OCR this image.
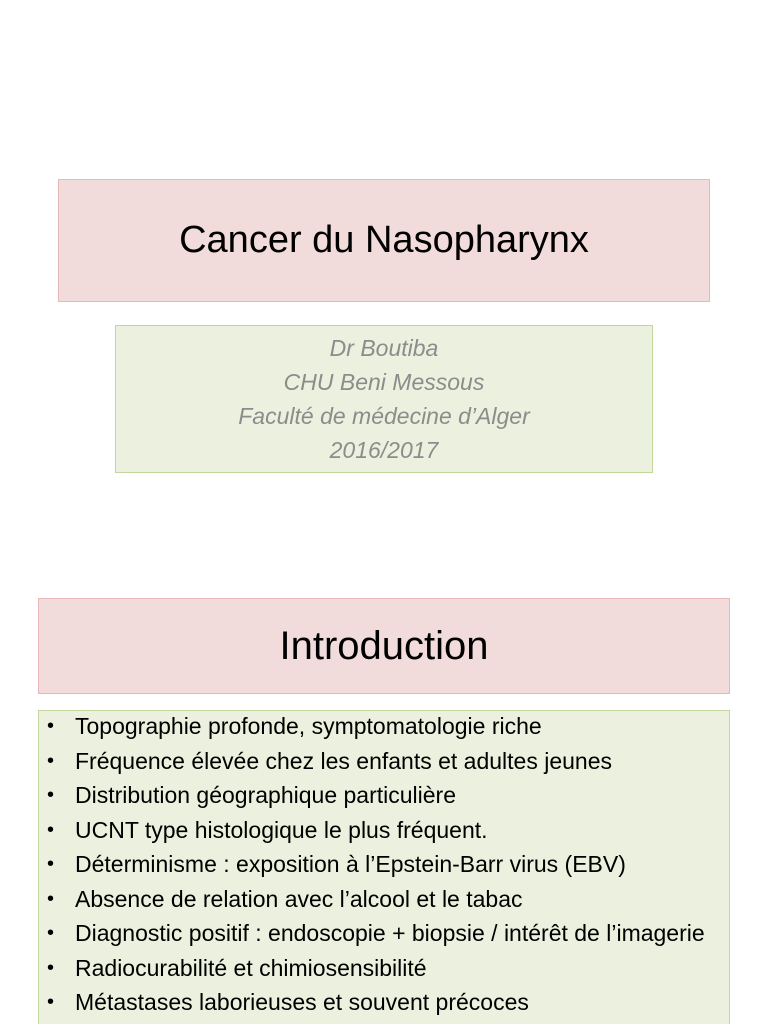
Cancer du Nasopharynx
Dr Boutiba
CHU Beni Messous
Faculté de médecine d’Alger
2016/2017
Introduction
• Topographie profonde, symptomatologie riche
• Fréquence élevée chez les enfants et adultes jeunes
• Distribution géographique particulière
• UCNT type histologique le plus fréquent.
• Déterminisme : exposition à l’Epstein-Barr virus (EBV)
• Absence de relation avec l’alcool et le tabac
• Diagnostic positif : endoscopie + biopsie / intérêt de l’imagerie
• Radiocurabilité et chimiosensibilité
• Métastases laborieuses et souvent précoces
